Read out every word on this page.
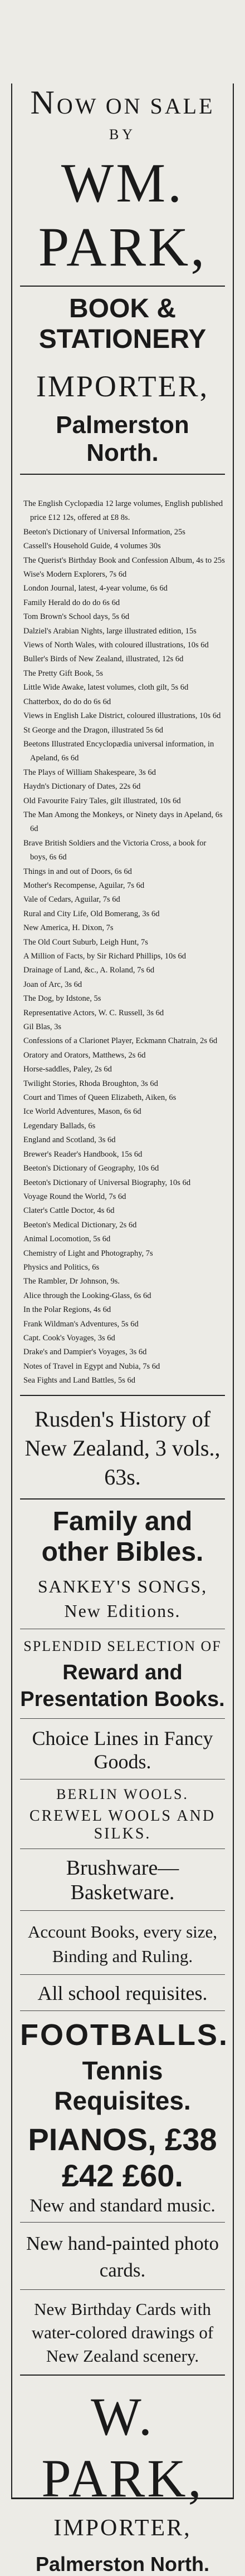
NOW ON SALE
BY
WM. PARK,
BOOK & STATIONERY
IMPORTER,
Palmerston North.
The English Cyclopædia 12 large volumes, English published price £12 12s, offered at £8 8s.
Beeton's Dictionary of Universal Information, 25s
Cassell's Household Guide, 4 volumes 30s
The Querist's Birthday Book and Confession Album, 4s to 25s
Wise's Modern Explorers, 7s 6d
London Journal, latest, 4-year volume, 6s 6d
Family Herald do do do 6s 6d
Tom Brown's School days, 5s 6d
Dalziel's Arabian Nights, large illustrated edition, 15s
Views of North Wales, with coloured illustrations, 10s 6d
Buller's Birds of New Zealand, illustrated, 12s 6d
The Pretty Gift Book, 5s
Little Wide Awake, latest volumes, cloth gilt, 5s 6d
Chatterbox, do do do 6s 6d
Views in English Lake District, coloured illustrations, 10s 6d
St George and the Dragon, illustrated 5s 6d
Beetons Illustrated Encyclopædia universal information, in Apeland, 6s 6d
The Plays of William Shakespeare, 3s 6d
Haydn's Dictionary of Dates, 22s 6d
Old Favourite Fairy Tales, gilt illustrated, 10s 6d
The Man Among the Monkeys, or Ninety days in Apeland, 6s 6d
Brave British Soldiers and the Victoria Cross, a book for boys, 6s 6d
Things in and out of Doors, 6s 6d
Mother's Recompense, Aguilar, 7s 6d
Vale of Cedars, Aguilar, 7s 6d
Rural and City Life, Old Bomerang, 3s 6d
New America, H. Dixon, 7s
The Old Court Suburb, Leigh Hunt, 7s
A Million of Facts, by Sir Richard Phillips, 10s 6d
Drainage of Land, &c., A. Roland, 7s 6d
Joan of Arc, 3s 6d
The Dog, by Idstone, 5s
Representative Actors, W. C. Russell, 3s 6d
Gil Blas, 3s
Confessions of a Clarionet Player, Eckmann Chatrain, 2s 6d
Oratory and Orators, Matthews, 2s 6d
Horse-saddles, Paley, 2s 6d
Twilight Stories, Rhoda Broughton, 3s 6d
Court and Times of Queen Elizabeth, Aiken, 6s
Ice World Adventures, Mason, 6s 6d
Legendary Ballads, 6s
England and Scotland, 3s 6d
Brewer's Reader's Handbook, 15s 6d
Beeton's Dictionary of Geography, 10s 6d
Beeton's Dictionary of Universal Biography, 10s 6d
Voyage Round the World, 7s 6d
Clater's Cattle Doctor, 4s 6d
Beeton's Medical Dictionary, 2s 6d
Animal Locomotion, 5s 6d
Chemistry of Light and Photography, 7s
Physics and Politics, 6s
The Rambler, Dr Johnson, 9s.
Alice through the Looking-Glass, 6s 6d
In the Polar Regions, 4s 6d
Frank Wildman's Adventures, 5s 6d
Capt. Cook's Voyages, 3s 6d
Drake's and Dampier's Voyages, 3s 6d
Notes of Travel in Egypt and Nubia, 7s 6d
Sea Fights and Land Battles, 5s 6d
Rusden's History of New Zealand, 3 vols., 63s.
Family and other Bibles.
SANKEY'S SONGS, New Editions.
SPLENDID SELECTION OF
Reward and Presentation Books.
Choice Lines in Fancy Goods.
BERLIN WOOLS.
CREWEL WOOLS AND SILKS.
Brushware—Basketware.
Account Books, every size, Binding and Ruling.
All school requisites.
FOOTBALLS.
Tennis Requisites.
PIANOS, £38 £42 £60.
New and standard music.
New hand-painted photo cards.
New Birthday Cards with water-colored drawings of New Zealand scenery.
W. PARK,
IMPORTER,
Palmerston North.
